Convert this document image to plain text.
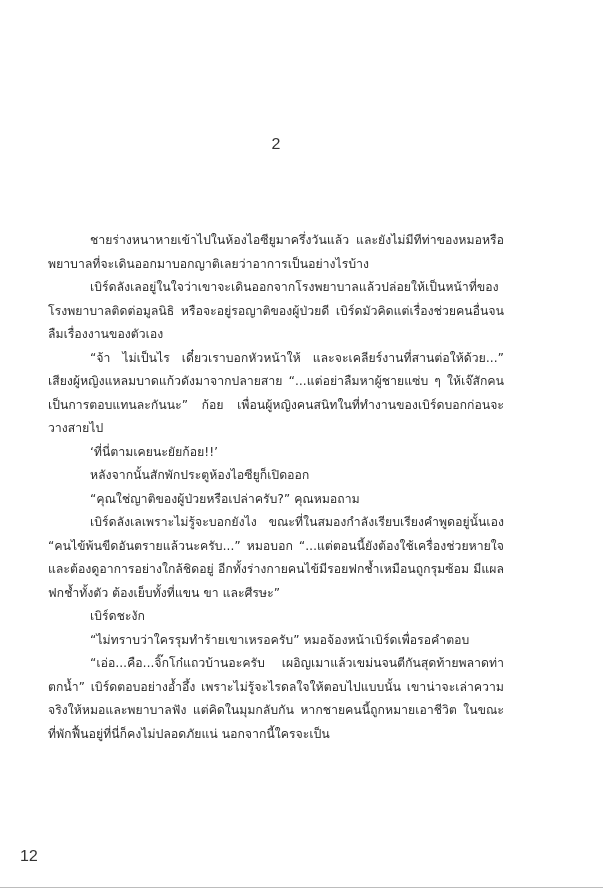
2

ชายร่างหนาหายเข้าไปในห้องไอซียูมาครึ่งวันแล้ว และยังไม่มีทีท่าของหมอหรือพยาบาลที่จะเดินออกมาบอกญาติเลยว่าอาการเป็นอย่างไรบ้าง

เบิร์ดลังเลอยู่ในใจว่าเขาจะเดินออกจากโรงพยาบาลแล้วปล่อยให้เป็นหน้าที่ของโรงพยาบาลติดต่อมูลนิธิ หรือจะอยู่รอญาติของผู้ป่วยดี เบิร์ดมัวคิดแต่เรื่องช่วยคนอื่นจนลืมเรื่องงานของตัวเอง

“จ้า ไม่เป็นไร เดี๋ยวเราบอกหัวหน้าให้ และจะเคลียร์งานที่สานต่อให้ด้วย...” เสียงผู้หญิงแหลมบาดแก้วดังมาจากปลายสาย “...แต่อย่าลืมหาผู้ชายแซ่บ ๆ ให้เจ๊สักคนเป็นการตอบแทนละกันนะ” ก้อย เพื่อนผู้หญิงคนสนิทในที่ทำงานของเบิร์ดบอกก่อนจะวางสายไป

‘ที่นี่ตามเคยนะยัยก้อย!!’

หลังจากนั้นสักพักประตูห้องไอซียูก็เปิดออก

“คุณใช่ญาติของผู้ป่วยหรือเปล่าครับ?” คุณหมอถาม

เบิร์ดลังเลเพราะไม่รู้จะบอกยังไง ขณะที่ในสมองกำลังเรียบเรียงคำพูดอยู่นั้นเอง “คนไข้พ้นขีดอันตรายแล้วนะครับ...” หมอบอก “...แต่ตอนนี้ยังต้องใช้เครื่องช่วยหายใจและต้องดูอาการอย่างใกล้ชิดอยู่ อีกทั้งร่างกายคนไข้มีรอยฟกช้ำเหมือนถูกรุมซ้อม มีแผลฟกช้ำทั้งตัว ต้องเย็บทั้งที่แขน ขา และศีรษะ”

เบิร์ดชะงัก

“ไม่ทราบว่าใครรุมทำร้ายเขาเหรอครับ” หมอจ้องหน้าเบิร์ดเพื่อรอคำตอบ

“เอ่อ...คือ...จิ๊กโก๋แถวบ้านอะครับ เผอิญเมาแล้วเขม่นจนตีกันสุดท้ายพลาดท่าตกน้ำ” เบิร์ดตอบอย่างอ้ำอึ้ง เพราะไม่รู้จะไรดลใจให้ตอบไปแบบนั้น เขาน่าจะเล่าความจริงให้หมอและพยาบาลฟัง แต่คิดในมุมกลับกัน หากชายคนนี้ถูกหมายเอาชีวิต ในขณะที่พักฟื้นอยู่ที่นี่ก็คงไม่ปลอดภัยแน่ นอกจากนี้ใครจะเป็น

12
